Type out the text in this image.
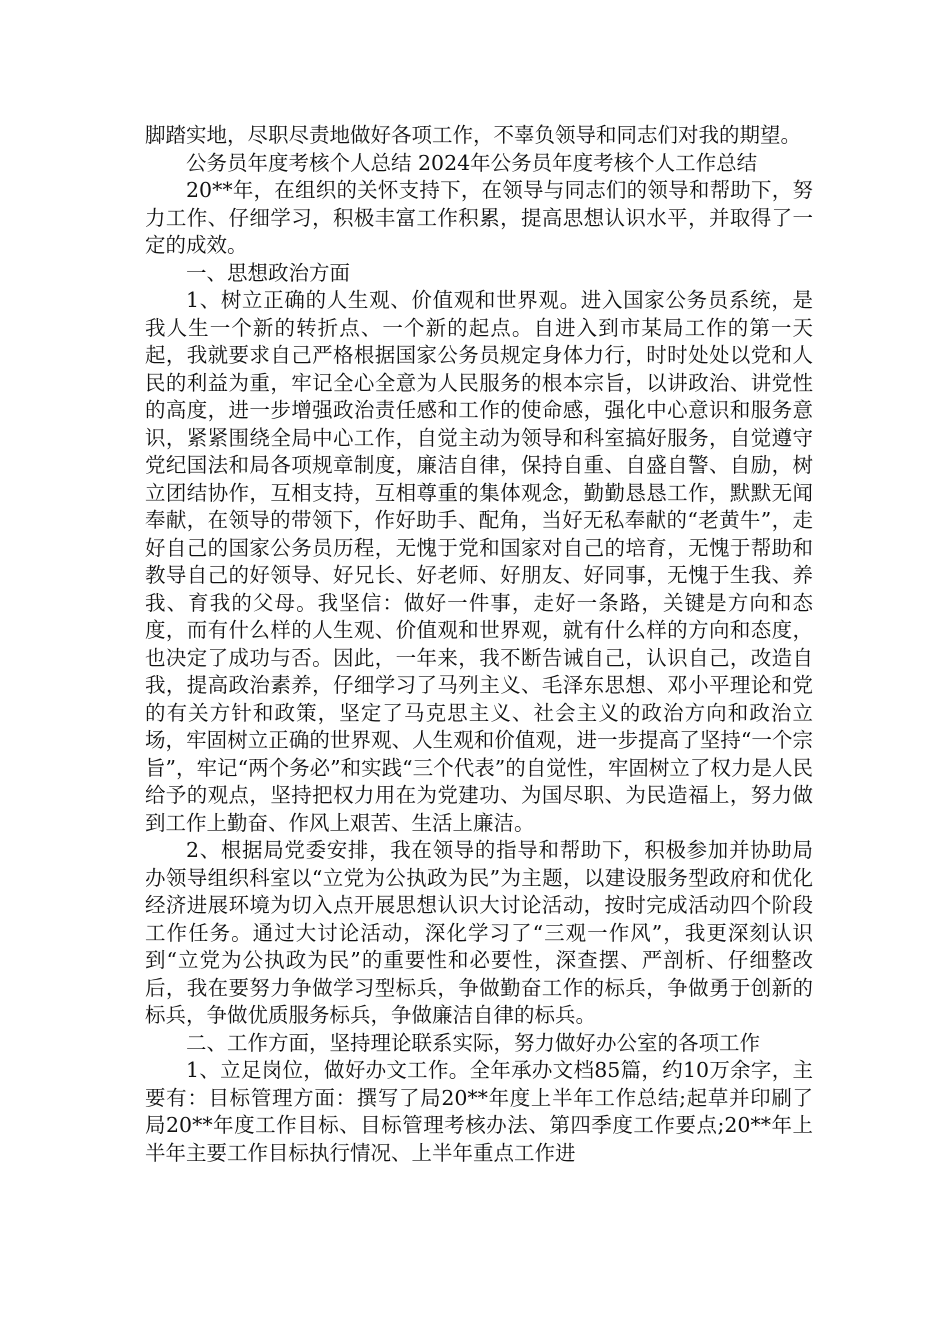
脚踏实地，尽职尽责地做好各项工作，不辜负领导和同志们对我的期望。

公务员年度考核个人总结 2024年公务员年度考核个人工作总结

20**年，在组织的关怀支持下，在领导与同志们的领导和帮助下，努力工作、仔细学习，积极丰富工作积累，提高思想认识水平，并取得了一定的成效。

一、思想政治方面

1、树立正确的人生观、价值观和世界观。进入国家公务员系统，是我人生一个新的转折点、一个新的起点。自进入到市某局工作的第一天起，我就要求自己严格根据国家公务员规定身体力行，时时处处以党和人民的利益为重，牢记全心全意为人民服务的根本宗旨，以讲政治、讲党性的高度，进一步增强政治责任感和工作的使命感，强化中心意识和服务意识，紧紧围绕全局中心工作，自觉主动为领导和科室搞好服务，自觉遵守党纪国法和局各项规章制度，廉洁自律，保持自重、自盛自警、自励，树立团结协作，互相支持，互相尊重的集体观念，勤勤恳恳工作，默默无闻奉献，在领导的带领下，作好助手、配角，当好无私奉献的“老黄牛”，走好自己的国家公务员历程，无愧于党和国家对自己的培育，无愧于帮助和教导自己的好领导、好兄长、好老师、好朋友、好同事，无愧于生我、养我、育我的父母。我坚信：做好一件事，走好一条路，关键是方向和态度，而有什么样的人生观、价值观和世界观，就有什么样的方向和态度，也决定了成功与否。因此，一年来，我不断告诫自己，认识自己，改造自我，提高政治素养，仔细学习了马列主义、毛泽东思想、邓小平理论和党的有关方针和政策，坚定了马克思主义、社会主义的政治方向和政治立场，牢固树立正确的世界观、人生观和价值观，进一步提高了坚持“一个宗旨”，牢记“两个务必”和实践“三个代表”的自觉性，牢固树立了权力是人民给予的观点，坚持把权力用在为党建功、为国尽职、为民造福上，努力做到工作上勤奋、作风上艰苦、生活上廉洁。

2、根据局党委安排，我在领导的指导和帮助下，积极参加并协助局办领导组织科室以“立党为公执政为民”为主题，以建设服务型政府和优化经济进展环境为切入点开展思想认识大讨论活动，按时完成活动四个阶段工作任务。通过大讨论活动，深化学习了“三观一作风”，我更深刻认识到“立党为公执政为民”的重要性和必要性，深查摆、严剖析、仔细整改后，我在要努力争做学习型标兵，争做勤奋工作的标兵，争做勇于创新的标兵，争做优质服务标兵，争做廉洁自律的标兵。

二、工作方面，坚持理论联系实际，努力做好办公室的各项工作

1、立足岗位，做好办文工作。全年承办文档85篇，约10万余字，主要有：目标管理方面：撰写了局20**年度上半年工作总结;起草并印刷了局20**年度工作目标、目标管理考核办法、第四季度工作要点;20**年上半年主要工作目标执行情况、上半年重点工作进
